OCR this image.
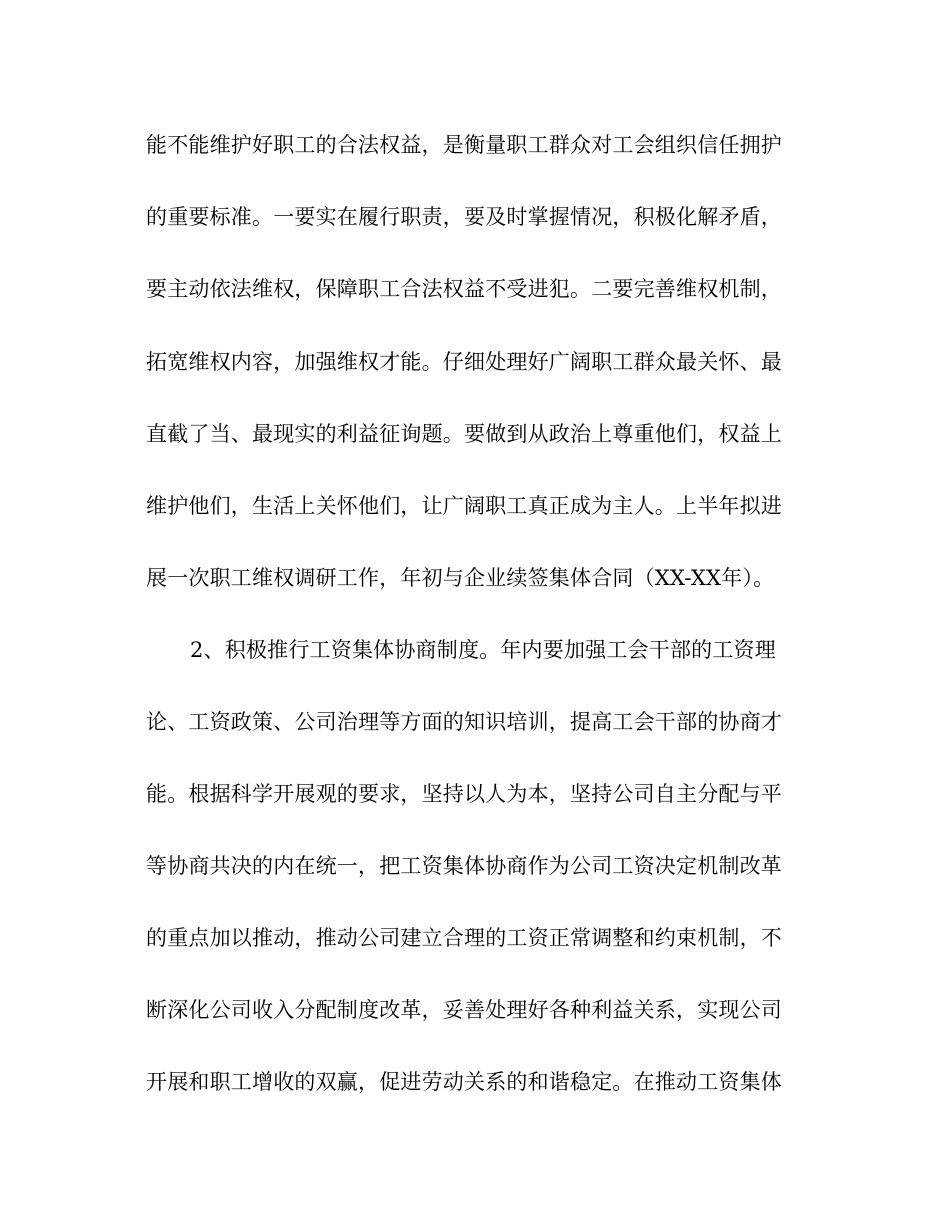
能不能维护好职工的合法权益，是衡量职工群众对工会组织信任拥护
的重要标准。一要实在履行职责，要及时掌握情况，积极化解矛盾，
要主动依法维权，保障职工合法权益不受进犯。二要完善维权机制，
拓宽维权内容，加强维权才能。仔细处理好广阔职工群众最关怀、最
直截了当、最现实的利益征询题。要做到从政治上尊重他们，权益上
维护他们，生活上关怀他们，让广阔职工真正成为主人。上半年拟进
展一次职工维权调研工作，年初与企业续签集体合同（XX-XX年）。
2、积极推行工资集体协商制度。年内要加强工会干部的工资理
论、工资政策、公司治理等方面的知识培训，提高工会干部的协商才
能。根据科学开展观的要求，坚持以人为本，坚持公司自主分配与平
等协商共决的内在统一，把工资集体协商作为公司工资决定机制改革
的重点加以推动，推动公司建立合理的工资正常调整和约束机制，不
断深化公司收入分配制度改革，妥善处理好各种利益关系，实现公司
开展和职工增收的双赢，促进劳动关系的和谐稳定。在推动工资集体
